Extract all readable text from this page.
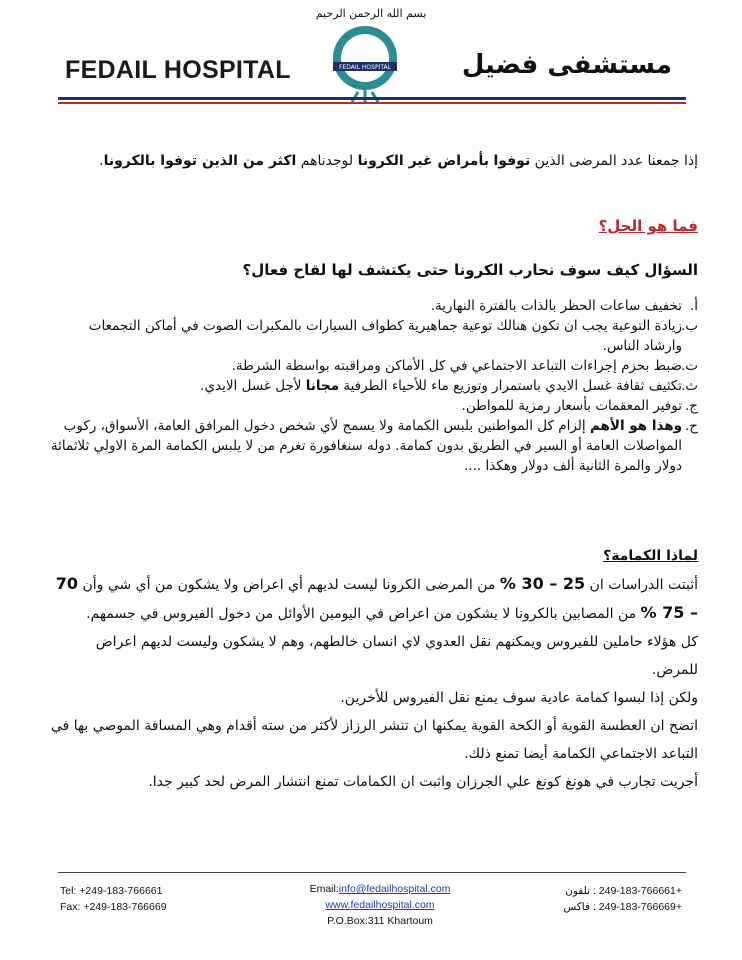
بسم الله الرحمن الرحيم
FEDAIL HOSPITAL	FEDAIL HOSPITAL	مستشفى فضيل
إذا جمعنا عدد المرضى الذين توفوا بأمراض غير الكرونا لوجدناهم اكثر من الذين توفوا بالكرونا.
فما هو الحل؟
السؤال كيف سوف نحارب الكرونا حتى يكتشف لها لقاح فعال؟
أ.
تخفيف ساعات الحظر بالذات بالفترة النهارية.
ب.
زيادة التوعية يجب ان تكون هنالك توعية جماهيرية كطواف السيارات بالمكبرات الصوت في أماكن التجمعات وارشاد الناس.
ت.
ضبط بحزم إجراءات التباعد الاجتماعي في كل الأماكن ومراقبته بواسطة الشرطة.
ث.
تكثيف ثقافة غسل الايدي باستمرار وتوزيع ماء للأحياء الطرفية مجانا لأجل غسل الايدي.
ج.
توفير المعقمات بأسعار رمزية للمواطن.
ح.
وهذا هو الأهم إلزام كل المواطنين بلبس الكمامة ولا يسمح لأي شخص دخول المرافق العامة، الأسواق، ركوب المواصلات العامة أو السير في الطريق بدون كمامة. دوله سنغافورة تغرم من لا يلبس الكمامة المرة الاولي ثلاثمائة دولار والمرة الثانية ألف دولار وهكذا ....
لماذا الكمامة؟
أثبتت الدراسات ان 25 – 30 % من المرضى الكرونا ليست لديهم أي اعراض ولا يشكون من أي شي وأن 70 – 75 % من المصابين بالكرونا لا يشكون من اعراض في اليومين الأوائل من دخول الفيروس في جسمهم.
كل هؤلاء حاملين للفيروس ويمكنهم نقل العدوي لاي انسان خالطهم، وهم لا يشكون وليست لديهم اعراض للمرض.
ولكن إذا لبسوا كمامة عادية سوف يمنع نقل الفيروس للأخرين.
اتضح ان العطسة القوية أو الكحة القوية يمكنها ان تنشر الرزاز لأكثر من سته أقدام وهي المسافة الموصي بها في التباعد الاجتماعي الكمامة أيضا تمنع ذلك.
أجريت تجارب في هونغ كونغ علي الجرزان واثبت ان الكمامات تمنع انتشار المرض لحد كبير جدا.
Tel: +249-183-766661
Fax: +249-183-766669
Email:info@fedailhospital.com
www.fedailhospital.com
P.O.Box:311 Khartoum
+249-183-766661 : تلفون
+249-183-766669 : فاكس
